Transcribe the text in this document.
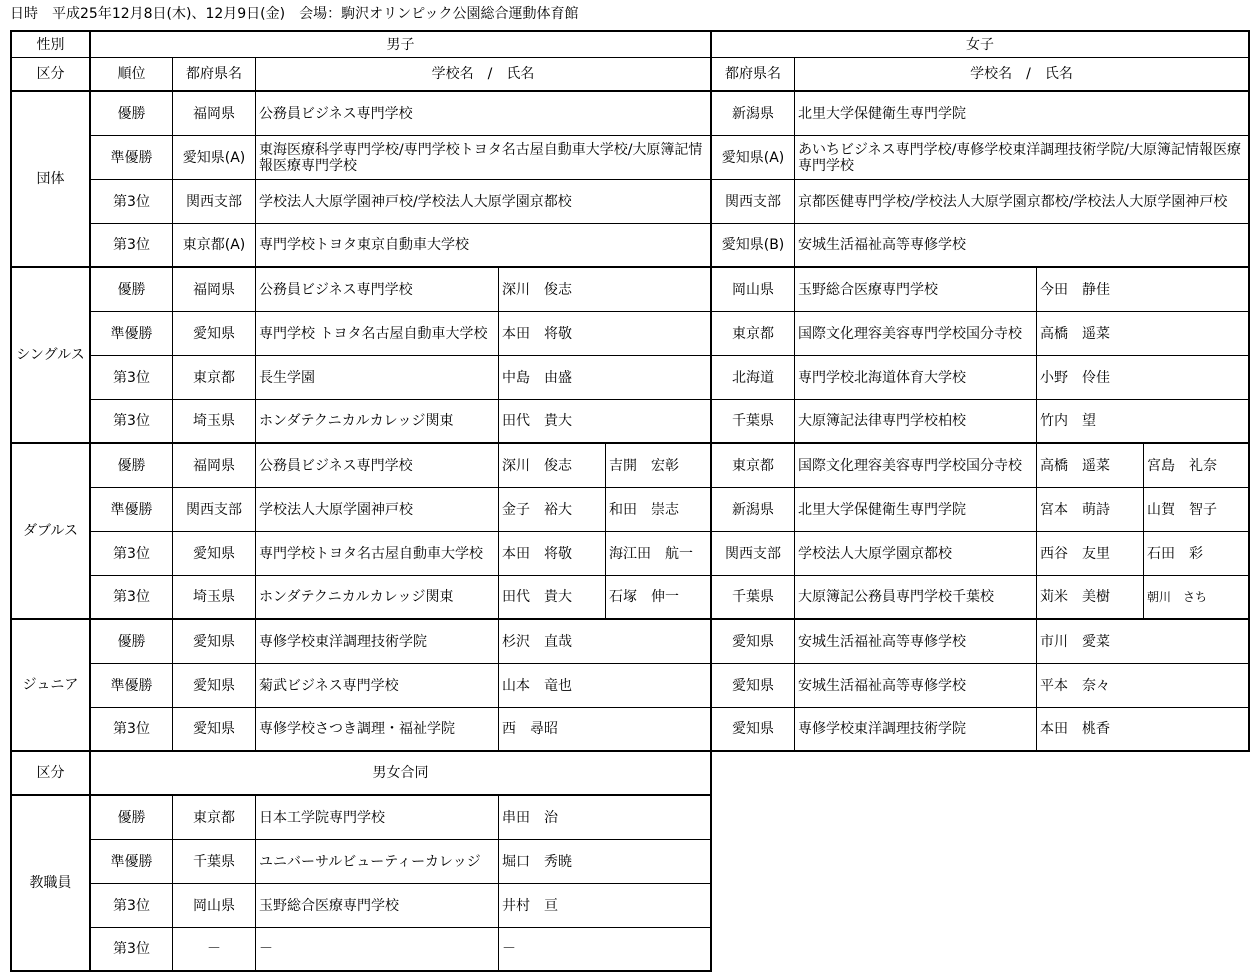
日時　平成25年12月8日(木)、12月9日(金)　会場：駒沢オリンピック公園総合運動体育館
性別	男子	女子
区分	順位	都府県名	学校名　/　氏名	都府県名	学校名　/　氏名
団体
優勝	福岡県	公務員ビジネス専門学校	新潟県	北里大学保健衛生専門学院
準優勝	愛知県(A) 東海医療科学専門学校/専門学校トヨタ名古屋自動車大学校/大原簿記情報医療専門学校	愛知県(A) あいちビジネス専門学校/専修学校東洋調理技術学院/大原簿記情報医療専門学校
第3位	関西支部	学校法人大原学園神戸校/学校法人大原学園京都校	関西支部	京都医健専門学校/学校法人大原学園京都校/学校法人大原学園神戸校
第3位	東京都(A) 専門学校トヨタ東京自動車大学校	愛知県(B) 安城生活福祉高等専修学校
シングルス
優勝	福岡県	公務員ビジネス専門学校	深川　俊志	岡山県	玉野総合医療専門学校	今田　静佳
準優勝	愛知県	専門学校 トヨタ名古屋自動車大学校	本田　将敬	東京都	国際文化理容美容専門学校国分寺校	高橋　遥菜
第3位	東京都	長生学園	中島　由盛	北海道	専門学校北海道体育大学校	小野　伶佳
第3位	埼玉県	ホンダテクニカルカレッジ関東	田代　貴大	千葉県	大原簿記法律専門学校柏校	竹内　望
ダブルス
優勝	福岡県	公務員ビジネス専門学校	深川　俊志	吉開　宏彰	東京都	国際文化理容美容専門学校国分寺校	高橋　遥菜	宮島　礼奈
準優勝	関西支部	学校法人大原学園神戸校	金子　裕大	和田　崇志	新潟県	北里大学保健衛生専門学院	宮本　萌詩	山賀　智子
第3位	愛知県	専門学校トヨタ名古屋自動車大学校	本田　将敬	海江田　航一	関西支部	学校法人大原学園京都校	西谷　友里	石田　彩
第3位	埼玉県	ホンダテクニカルカレッジ関東	田代　貴大	石塚　伸一	千葉県	大原簿記公務員専門学校千葉校	苅米　美樹	朝川　さち
ジュニア
優勝	愛知県	専修学校東洋調理技術学院	杉沢　直哉	愛知県	安城生活福祉高等専修学校	市川　愛菜
準優勝	愛知県	菊武ビジネス専門学校	山本　竜也	愛知県	安城生活福祉高等専修学校	平本　奈々
第3位	愛知県	専修学校さつき調理・福祉学院	西　尋昭	愛知県	専修学校東洋調理技術学院	本田　桃香
区分	男女合同
教職員
優勝	東京都	日本工学院専門学校	串田　治
準優勝	千葉県	ユニバーサルビューティーカレッジ	堀口　秀暁
第3位	岡山県	玉野総合医療専門学校	井村　亘
第3位	－	－	－
